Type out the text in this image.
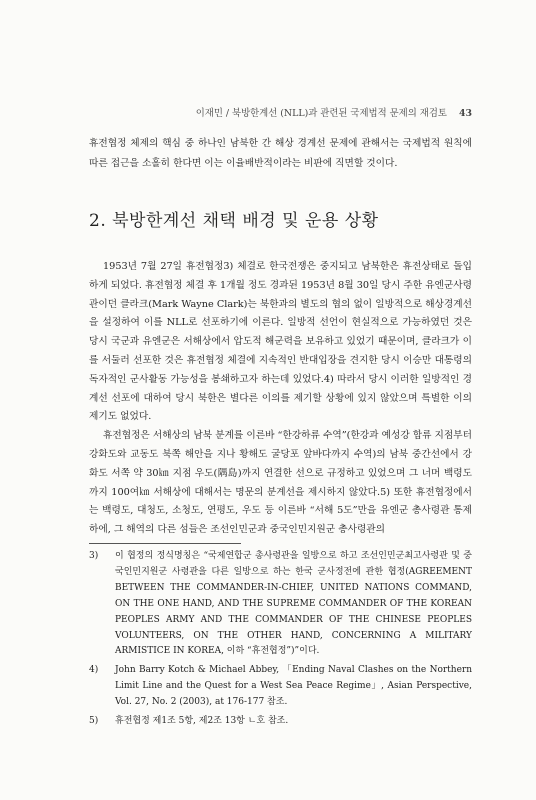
이재민 / 북방한계선 (NLL)과 관련된 국제법적 문제의 재검토 43
휴전협정 체제의 핵심 중 하나인 남북한 간 해상 경계선 문제에 관해서는 국제법적 원칙에 따른 접근을 소홀히 한다면 이는 이율배반적이라는 비판에 직면할 것이다.
2. 북방한계선 채택 배경 및 운용 상황

1953년 7월 27일 휴전협정3) 체결로 한국전쟁은 중지되고 남북한은 휴전상태로 돌입하게 되었다. 휴전협정 체결 후 1개월 정도 경과된 1953년 8월 30일 당시 주한 유엔군사령관이던 클라크(Mark Wayne Clark)는 북한과의 별도의 협의 없이 일방적으로 해상경계선을 설정하여 이를 NLL로 선포하기에 이른다. 일방적 선언이 현실적으로 가능하였던 것은 당시 국군과 유엔군은 서해상에서 압도적 해군력을 보유하고 있었기 때문이며, 클라크가 이를 서둘러 선포한 것은 휴전협정 체결에 지속적인 반대입장을 견지한 당시 이승만 대통령의 독자적인 군사활동 가능성을 봉쇄하고자 하는데 있었다.4) 따라서 당시 이러한 일방적인 경계선 선포에 대하여 당시 북한은 별다른 이의를 제기할 상황에 있지 않았으며 특별한 이의제기도 없었다.

휴전협정은 서해상의 남북 분계를 이른바 “한강하류 수역”(한강과 예성강 합류 지점부터 강화도와 교동도 북쪽 해안을 지나 황해도 굴당포 앞바다까지 수역)의 남북 중간선에서 강화도 서쪽 약 30㎞ 지점 우도(隅島)까지 연결한 선으로 규정하고 있었으며 그 너머 백령도까지 100여㎞ 서해상에 대해서는 명문의 분계선을 제시하지 않았다.5) 또한 휴전협정에서는 백령도, 대청도, 소청도, 연평도, 우도 등 이른바 “서해 5도”만을 유엔군 총사령관 통제 하에, 그 해역의 다른 섬들은 조선인민군과 중국인민지원군 총사령관의

3) 이 협정의 정식명칭은 “국제연합군 총사령관을 일방으로 하고 조선인민군최고사령관 및 중국인민지원군 사령관을 다른 일방으로 하는 한국 군사정전에 관한 협정(AGREEMENT BETWEEN THE COMMANDER-IN-CHIEF, UNITED NATIONS COMMAND, ON THE ONE HAND, AND THE SUPREME COMMANDER OF THE KOREAN PEOPLES ARMY AND THE COMMANDER OF THE CHINESE PEOPLES VOLUNTEERS, ON THE OTHER HAND, CONCERNING A MILITARY ARMISTICE IN KOREA, 이하 “휴전협정”)”이다.
4) John Barry Kotch & Michael Abbey, 「Ending Naval Clashes on the Northern Limit Line and the Quest for a West Sea Peace Regime」, Asian Perspective, Vol. 27, No. 2 (2003), at 176-177 참조.
5) 휴전협정 제1조 5항, 제2조 13항 ㄴ호 참조.
